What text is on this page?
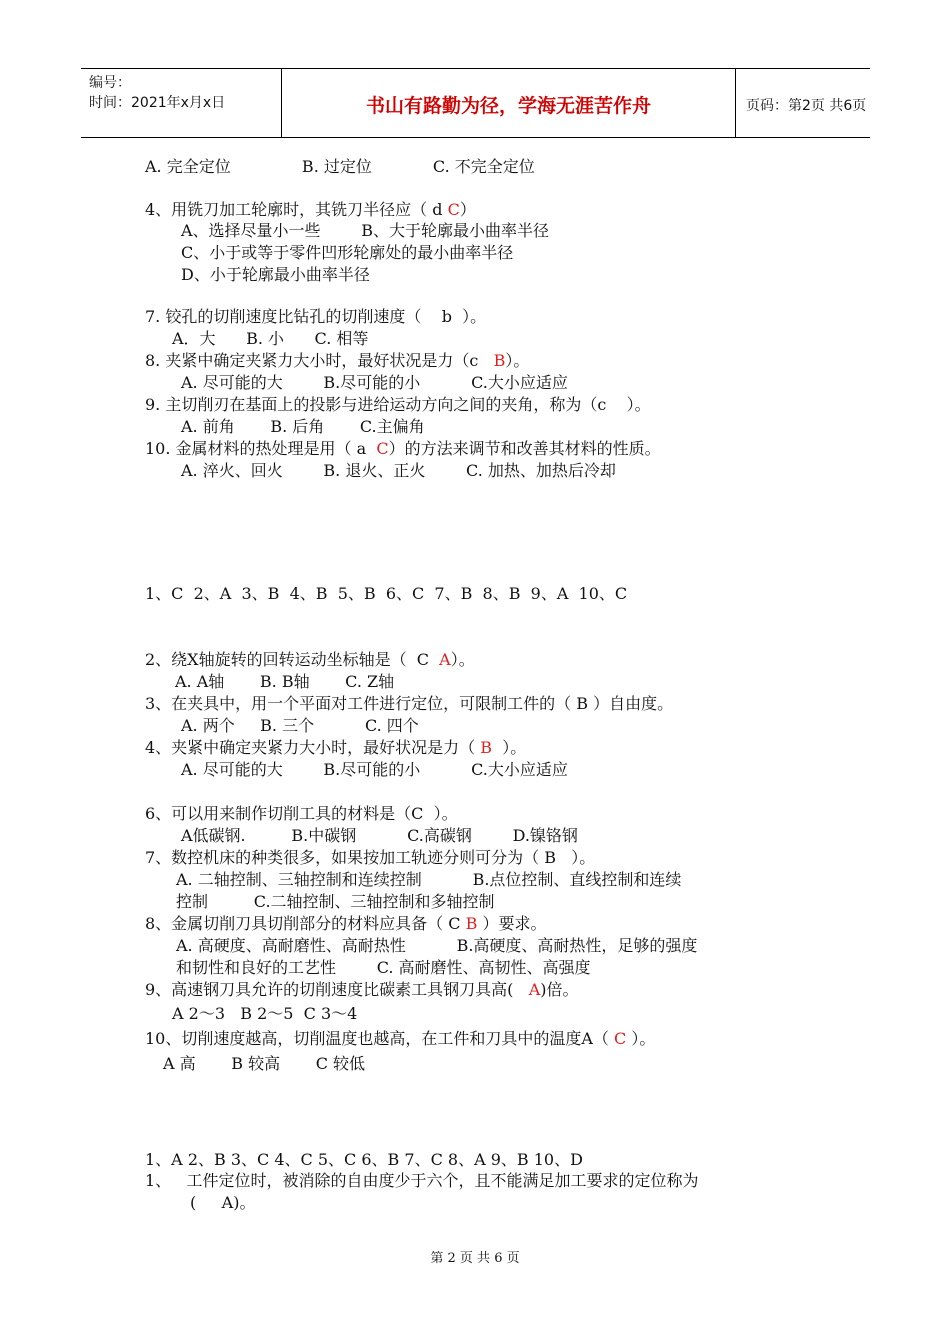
编号：
时间：2021年x月x日	书山有路勤为径，学海无涯苦作舟	页码：第2页 共6页
A. 完全定位              B. 过定位            C. 不完全定位
4、用铣刀加工轮廓时，其铣刀半径应（ d C）
A、选择尽量小一些        B、大于轮廓最小曲率半径
C、小于或等于零件凹形轮廓处的最小曲率半径
D、小于轮廓最小曲率半径
7. 铰孔的切削速度比钻孔的切削速度（    b  ）。
A．大      B. 小      C. 相等
8. 夹紧中确定夹紧力大小时，最好状况是力（c   B）。
A. 尽可能的大        B.尽可能的小          C.大小应适应
9. 主切削刃在基面上的投影与进给运动方向之间的夹角，称为（c    ）。
A. 前角       B. 后角       C.主偏角
10. 金属材料的热处理是用（ a  C）的方法来调节和改善其材料的性质。
A. 淬火、回火        B. 退火、正火        C. 加热、加热后冷却
1、C  2、A  3、B  4、B  5、B  6、C  7、B  8、B  9、A  10、C
2、绕X轴旋转的回转运动坐标轴是（  C  A）。
A. A轴       B. B轴       C. Z轴
3、在夹具中，用一个平面对工件进行定位，可限制工件的（ B ）自由度。
A. 两个     B. 三个          C. 四个
4、夹紧中确定夹紧力大小时，最好状况是力（ B  ）。
A. 尽可能的大        B.尽可能的小          C.大小应适应
6、可以用来制作切削工具的材料是（C  ）。
A低碳钢.         B.中碳钢          C.高碳钢        D.镍铬钢
7、数控机床的种类很多，如果按加工轨迹分则可分为（ B   ）。
A. 二轴控制、三轴控制和连续控制          B.点位控制、直线控制和连续
控制         C.二轴控制、三轴控制和多轴控制
8、金属切削刀具切削部分的材料应具备（ C B ）要求。
A. 高硬度、高耐磨性、高耐热性          B.高硬度、高耐热性，足够的强度
和韧性和良好的工艺性        C. 高耐磨性、高韧性、高强度
9、高速钢刀具允许的切削速度比碳素工具钢刀具高(   A)倍。
A 2～3   B 2～5  C 3～4
10、切削速度越高，切削温度也越高，在工件和刀具中的温度A（ C ）。
A 高       B 较高       C 较低
1、A 2、B 3、C 4、C 5、C 6、B 7、C 8、A 9、B 10、D
1、   工件定位时，被消除的自由度少于六个，且不能满足加工要求的定位称为
(     A)。
第 2 页 共 6 页
